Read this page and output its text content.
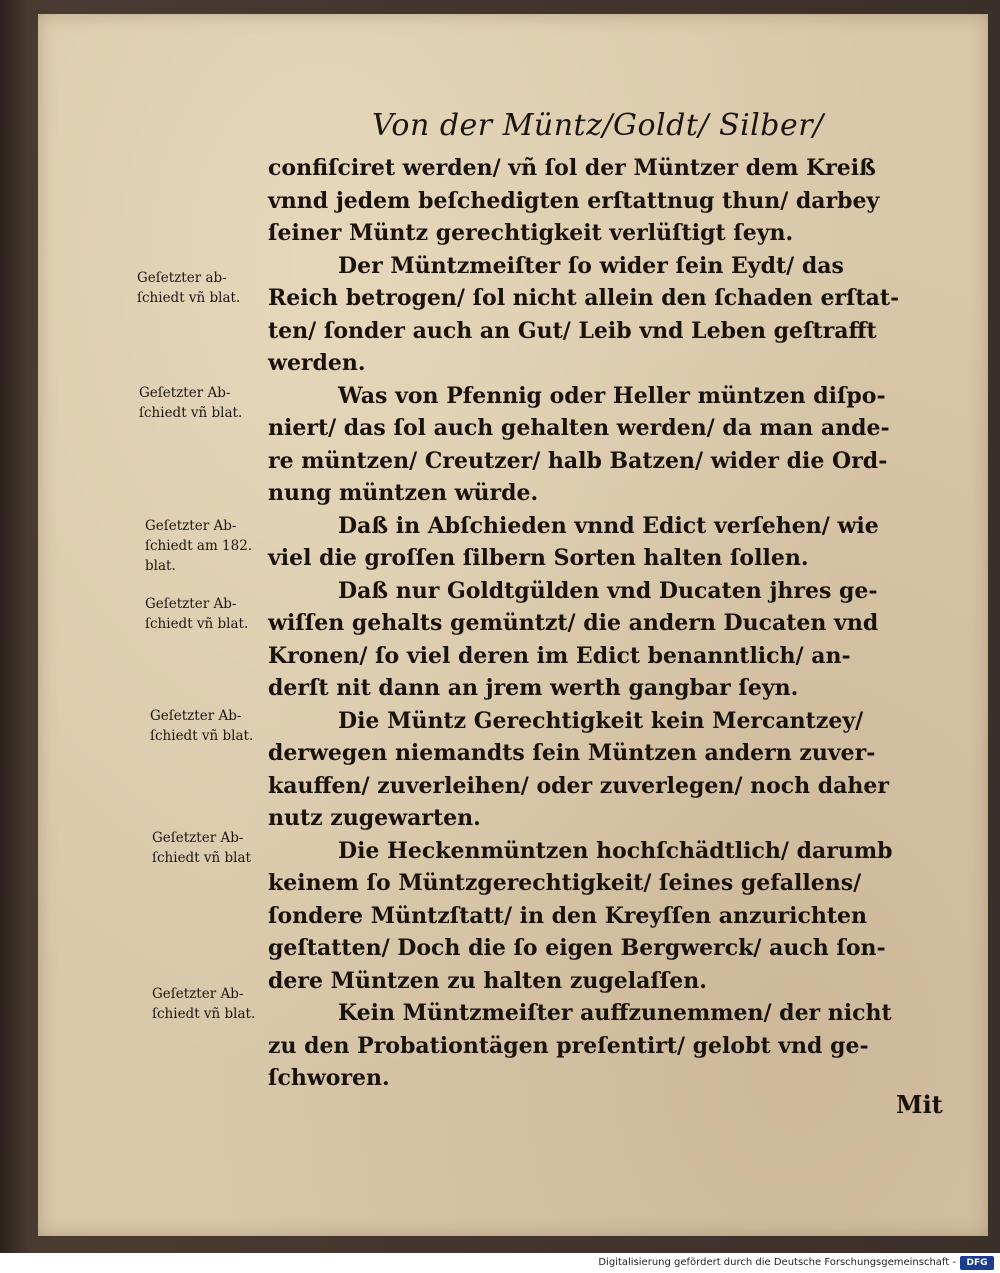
Von der Müntz/Goldt/ Silber/
confiſciret werden/ vñ ſol der Müntzer dem Kreiß
vnnd jedem beſchedigten erſtattnug thun/ darbey
ſeiner Müntz gerechtigkeit verlüſtigt ſeyn.
Der Müntzmeiſter ſo wider ſein Eydt/ das
Reich betrogen/ ſol nicht allein den ſchaden erſtat-
ten/ ſonder auch an Gut/ Leib vnd Leben geſtrafft
werden.
Was von Pfennig oder Heller müntzen diſpo-
niert/ das ſol auch gehalten werden/ da man ande-
re müntzen/ Creutzer/ halb Batzen/ wider die Ord-
nung müntzen würde.
Daß in Abſchieden vnnd Edict verſehen/ wie
viel die groſſen ſilbern Sorten halten ſollen.
Daß nur Goldtgülden vnd Ducaten jhres ge-
wiſſen gehalts gemüntzt/ die andern Ducaten vnd
Kronen/ ſo viel deren im Edict benanntlich/ an-
derſt nit dann an jrem werth gangbar ſeyn.
Die Müntz Gerechtigkeit kein Mercantzey/
derwegen niemandts ſein Müntzen andern zuver-
kauffen/ zuverleihen/ oder zuverlegen/ noch daher
nutz zugewarten.
Die Heckenmüntzen hochſchädtlich/ darumb
keinem ſo Müntzgerechtigkeit/ ſeines gefallens/
ſondere Müntzſtatt/ in den Kreyſſen anzurichten
geſtatten/ Doch die ſo eigen Bergwerck/ auch ſon-
dere Müntzen zu halten zugelaſſen.
Kein Müntzmeiſter auffzunemmen/ der nicht
zu den Probationtägen preſentirt/ gelobt vnd ge-
ſchworen.
Geſetzter ab-
ſchiedt vñ blat.
Geſetzter Ab-
ſchiedt vñ blat.
Geſetzter Ab-
ſchiedt am 182.
blat.
Geſetzter Ab-
ſchiedt vñ blat.
Geſetzter Ab-
ſchiedt vñ blat.
Geſetzter Ab-
ſchiedt vñ blat
Geſetzter Ab-
ſchiedt vñ blat.
Mit
Digitalisierung gefördert durch die Deutsche Forschungsgemeinschaft -	DFG
